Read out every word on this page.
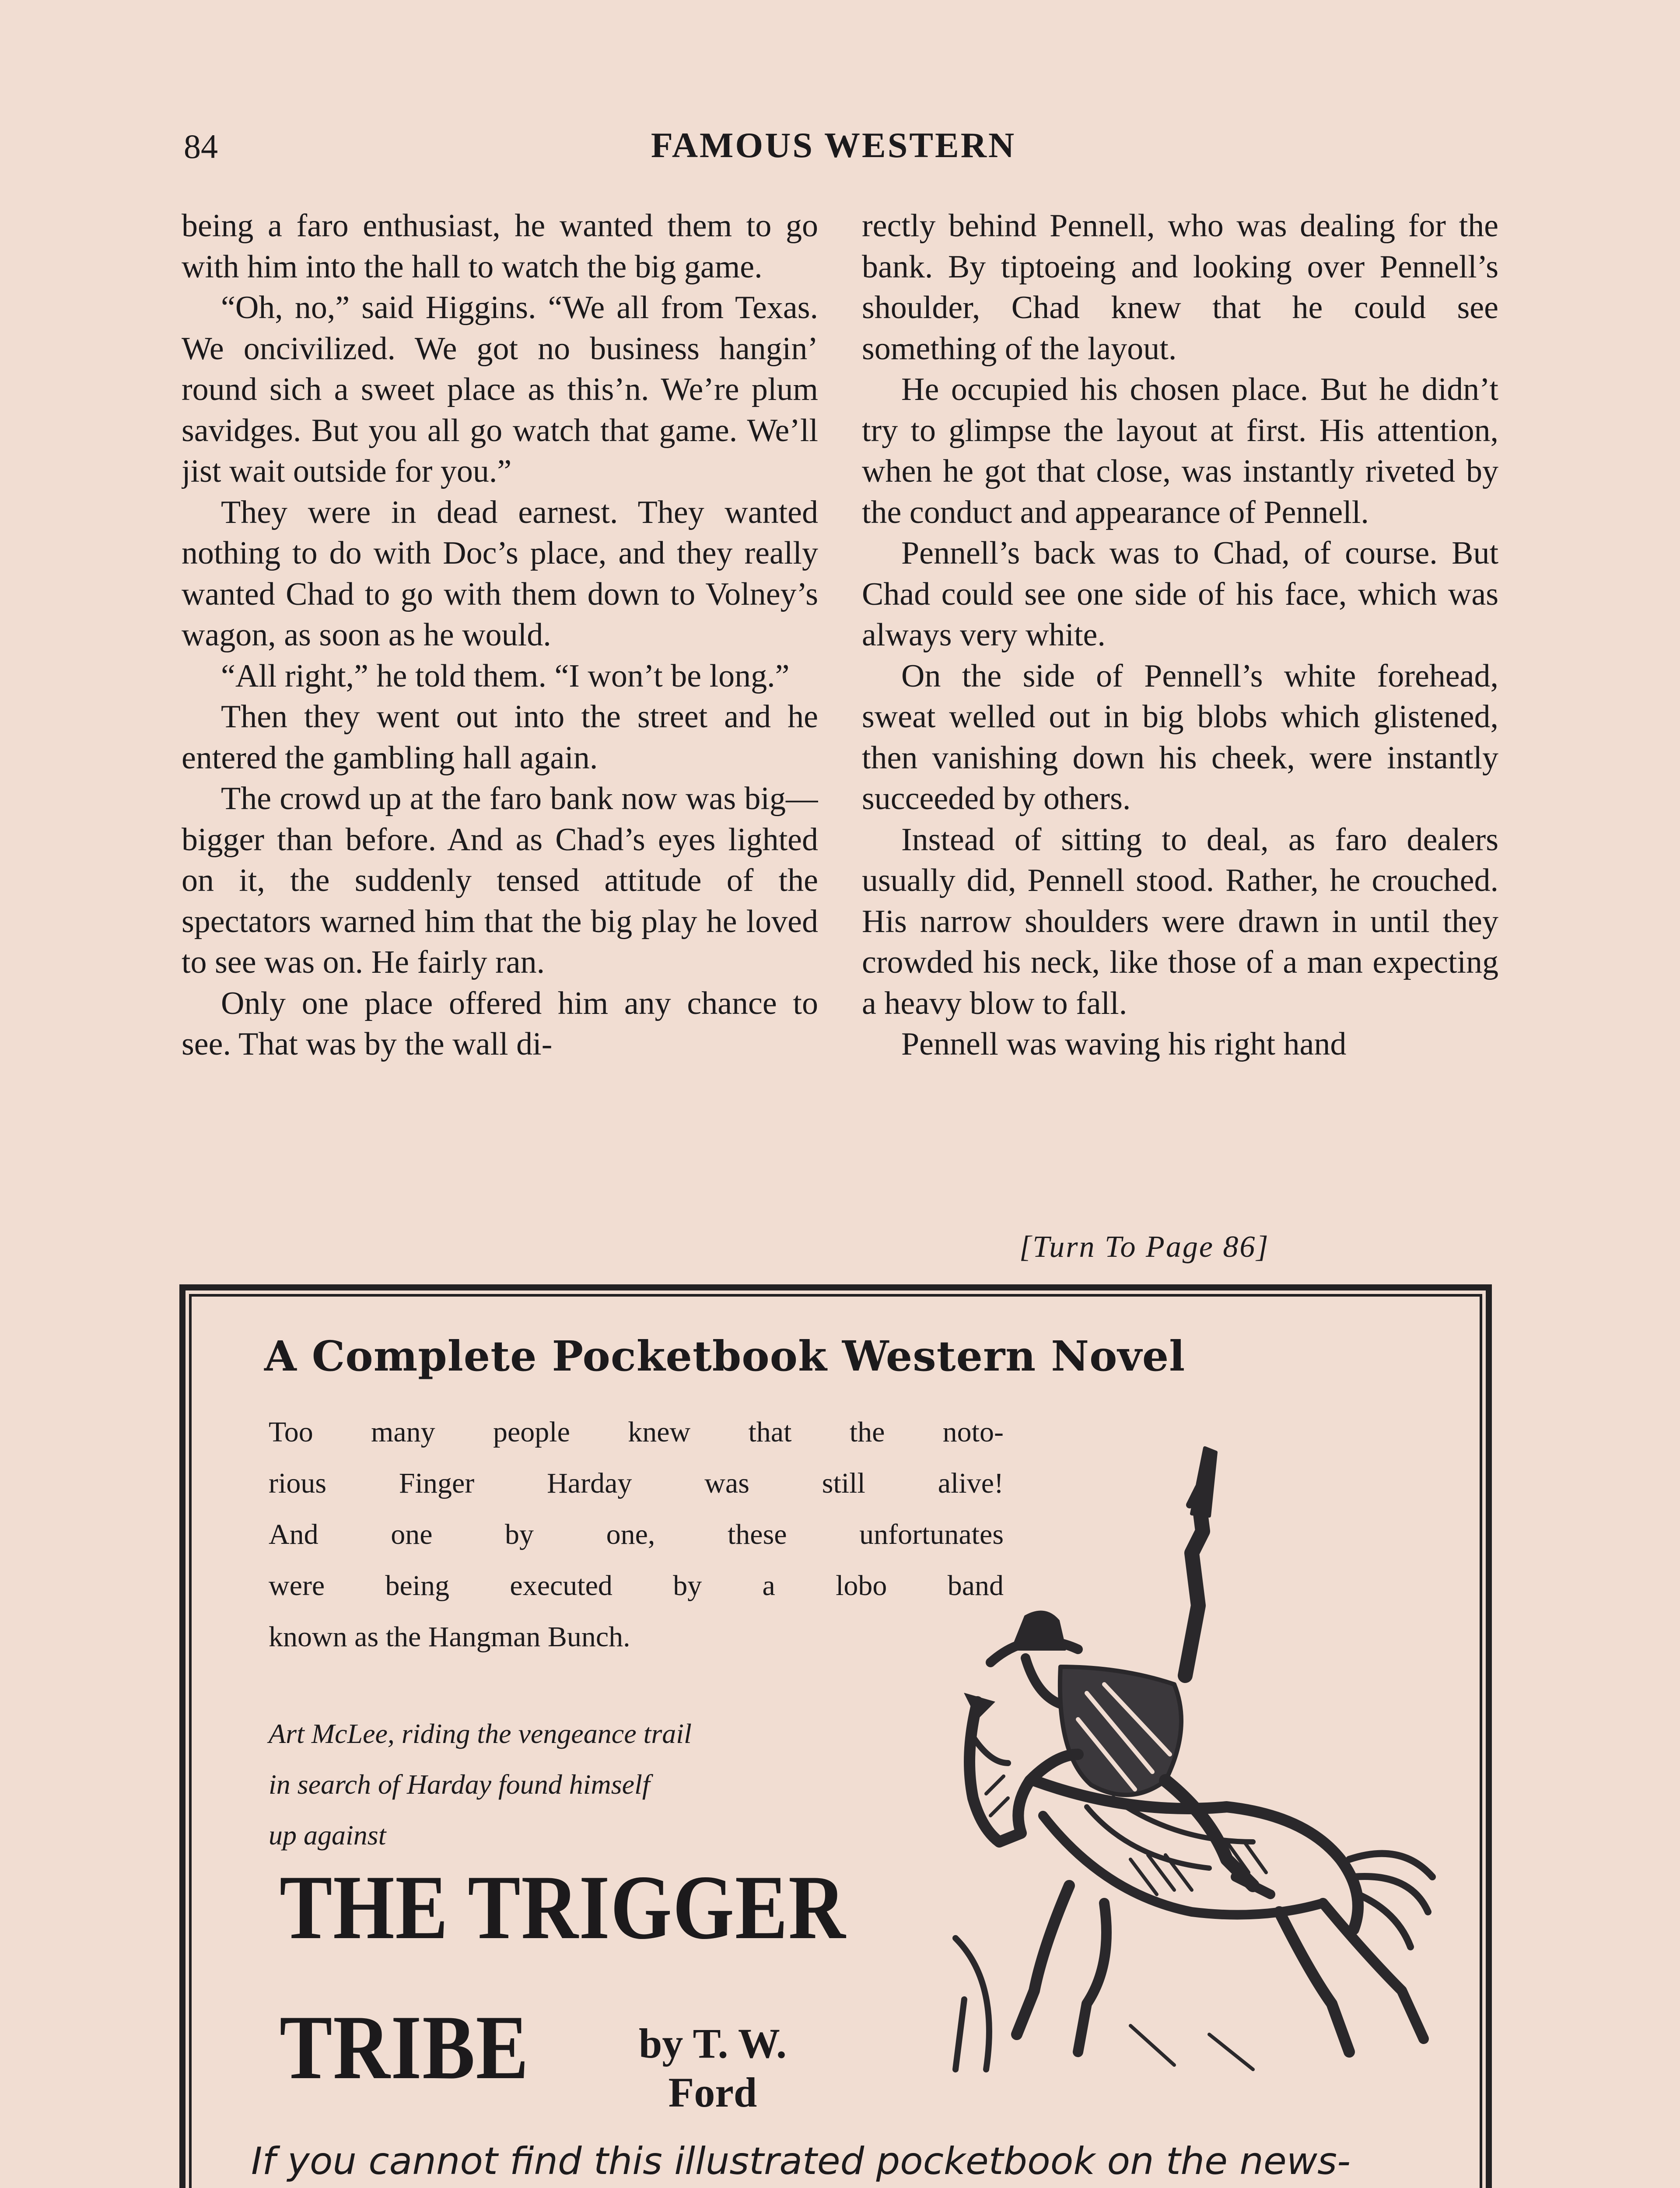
84	FAMOUS WESTERN

being a faro enthusiast, he wanted them to go with him into the hall to watch the big game.

“Oh, no,” said Higgins. “We all from Texas. We oncivilized. We got no business hangin’ round sich a sweet place as this’n. We’re plum savidges. But you all go watch that game. We’ll jist wait outside for you.”

They were in dead earnest. They wanted nothing to do with Doc’s place, and they really wanted Chad to go with them down to Volney’s wagon, as soon as he would.

“All right,” he told them. “I won’t be long.”

Then they went out into the street and he entered the gambling hall again.

The crowd up at the faro bank now was big—bigger than before. And as Chad’s eyes lighted on it, the suddenly tensed attitude of the spectators warned him that the big play he loved to see was on. He fairly ran.

Only one place offered him any chance to see. That was by the wall di-

rectly behind Pennell, who was dealing for the bank. By tiptoeing and looking over Pennell’s shoulder, Chad knew that he could see something of the layout.

He occupied his chosen place. But he didn’t try to glimpse the layout at first. His attention, when he got that close, was instantly riveted by the conduct and appearance of Pennell.

Pennell’s back was to Chad, of course. But Chad could see one side of his face, which was always very white.

On the side of Pennell’s white forehead, sweat welled out in big blobs which glistened, then vanishing down his cheek, were instantly succeeded by others.

Instead of sitting to deal, as faro dealers usually did, Pennell stood. Rather, he crouched. His narrow shoulders were drawn in until they crowded his neck, like those of a man expecting a heavy blow to fall.

Pennell was waving his right hand

[Turn To Page 86]
A Complete Pocketbook Western Novel
Too many people knew that the noto-
rious Finger Harday was still alive!
And one by one, these unfortunates
were being executed by a lobo band
known as the Hangman Bunch.
Art McLee, riding the vengeance trail
in search of Harday found himself
up against
THE TRIGGER
TRIBE	by T. W.
Ford
If you cannot find this illustrated pocketbook on the news-
